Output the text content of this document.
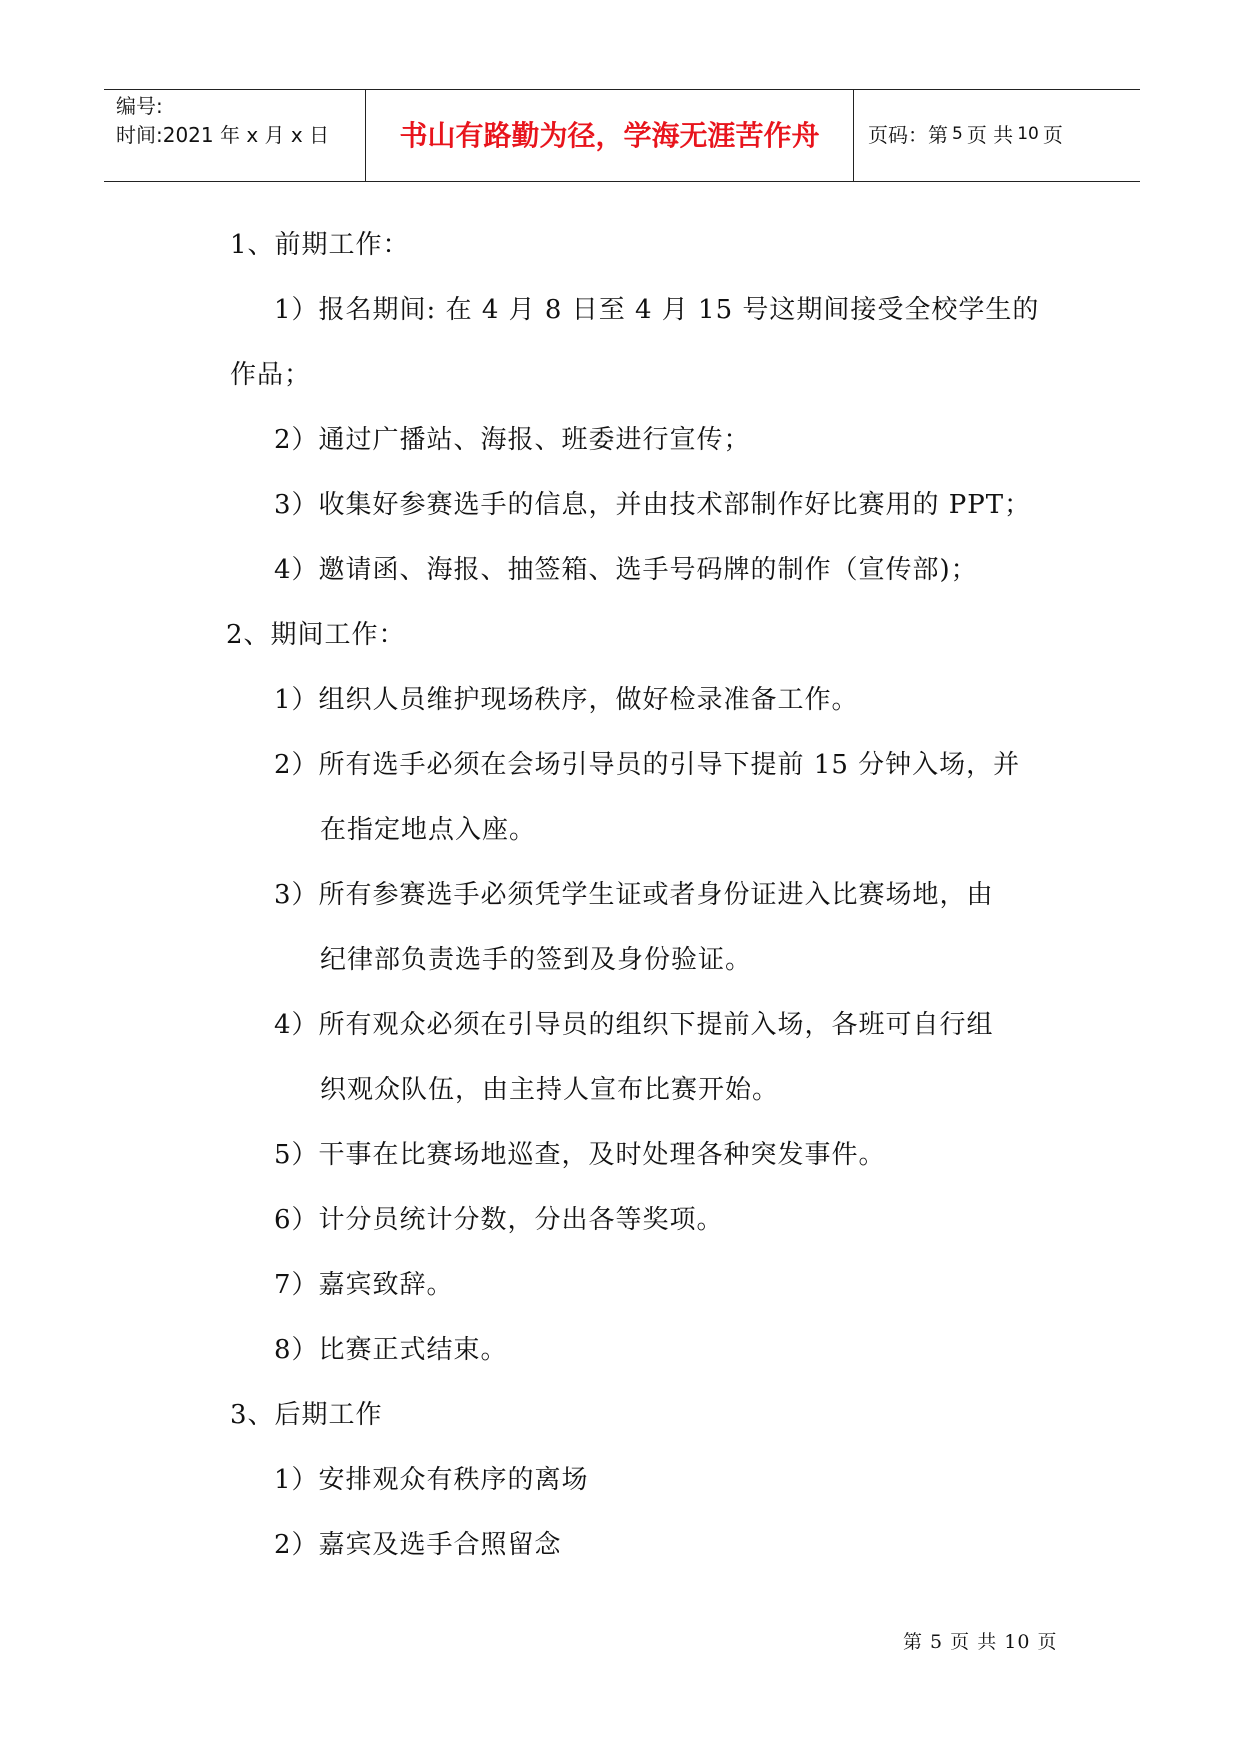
编号:
时间:2021 年 x 月 x 日	书山有路勤为径，学海无涯苦作舟	页码：第 5 页 共 10 页
1、前期工作：
1）报名期间: 在 4 月 8 日至 4 月 15 号这期间接受全校学生的
作品；
2）通过广播站、海报、班委进行宣传；
3）收集好参赛选手的信息，并由技术部制作好比赛用的 PPT；
4）邀请函、海报、抽签箱、选手号码牌的制作（宣传部)；
2、期间工作：
1）组织人员维护现场秩序，做好检录准备工作。
2）所有选手必须在会场引导员的引导下提前 15 分钟入场，并
在指定地点入座。
3）所有参赛选手必须凭学生证或者身份证进入比赛场地，由
纪律部负责选手的签到及身份验证。
4）所有观众必须在引导员的组织下提前入场，各班可自行组
织观众队伍，由主持人宣布比赛开始。
5）干事在比赛场地巡查，及时处理各种突发事件。
6）计分员统计分数，分出各等奖项。
7）嘉宾致辞。
8）比赛正式结束。
3、后期工作
1）安排观众有秩序的离场
2）嘉宾及选手合照留念
第 5 页 共 10 页
